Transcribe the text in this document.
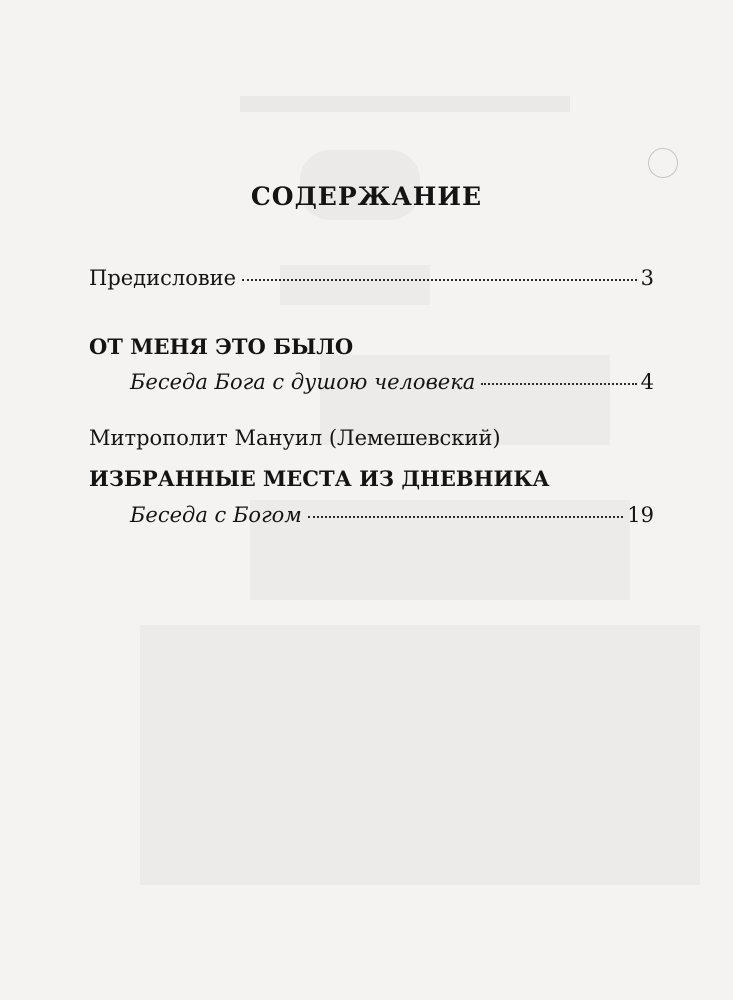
СОДЕРЖАНИЕ
Предисловие	3
ОТ МЕНЯ ЭТО БЫЛО
Беседа Бога с душою человека	4
Митрополит Мануил (Лемешевский)
ИЗБРАННЫЕ МЕСТА ИЗ ДНЕВНИКА
Беседа с Богом	19
